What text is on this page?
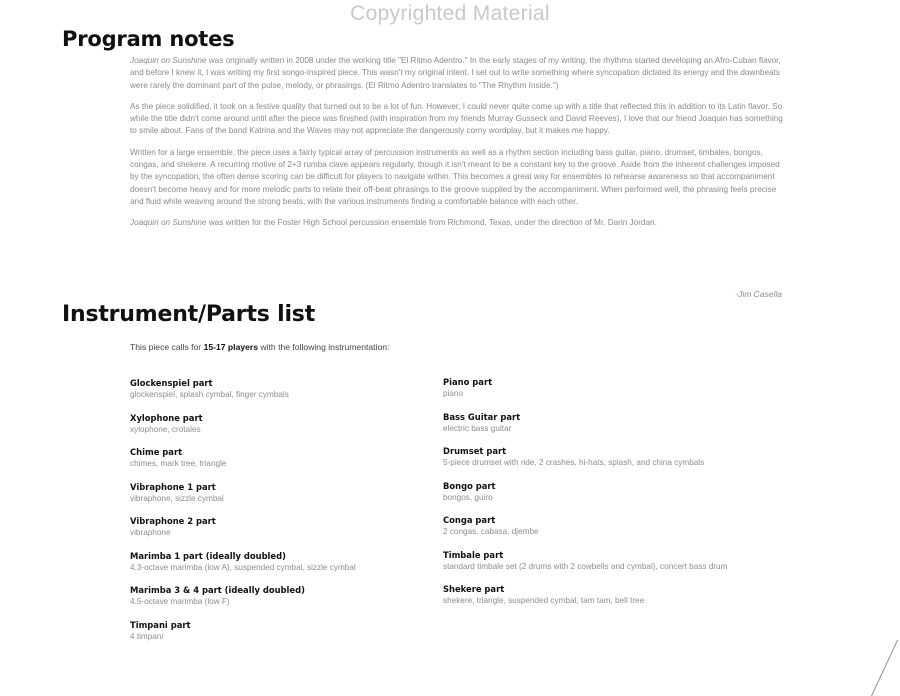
Copyrighted Material
Program notes

Joaquin on Sunshine was originally written in 2008 under the working title "El Ritmo Adentro." In the early stages of my writing, the rhythms started developing an Afro-Cuban flavor, and before I knew it, I was writing my first songo-inspired piece. This wasn't my original intent. I set out to write something where syncopation dictated its energy and the downbeats were rarely the dominant part of the pulse, melody, or phrasings. (El Ritmo Adentro translates to "The Rhythm Inside.")

As the piece solidified, it took on a festive quality that turned out to be a lot of fun. However, I could never quite come up with a title that reflected this in addition to its Latin flavor. So while the title didn't come around until after the piece was finished (with inspiration from my friends Murray Gusseck and David Reeves), I love that our friend Joaquin has something to smile about. Fans of the band Katrina and the Waves may not appreciate the dangerously corny wordplay, but it makes me happy.

Written for a large ensemble, the piece uses a fairly typical array of percussion instruments as well as a rhythm section including bass guitar, piano, drumset, timbales, bongos, congas, and shekere. A recurring motive of 2+3 rumba clave appears regularly, though it isn't meant to be a constant key to the groove. Aside from the inherent challenges imposed by the syncopation, the often dense scoring can be difficult for players to navigate within. This becomes a great way for ensembles to rehearse awareness so that accompaniment doesn't become heavy and for more melodic parts to relate their off-beat phrasings to the groove supplied by the accompaniment. When performed well, the phrasing feels precise and fluid while weaving around the strong beats, with the various instruments finding a comfortable balance with each other.

Joaquin on Sunshine was written for the Foster High School percussion ensemble from Richmond, Texas, under the direction of Mr. Darin Jordan.

-Jim Casella
Instrument/Parts list
This piece calls for 15-17 players with the following instrumentation:
Glockenspiel part
glockenspiel, splash cymbal, finger cymbals
Xylophone part
xylophone, crotales
Chime part
chimes, mark tree, triangle
Vibraphone 1 part
vibraphone, sizzle cymbal
Vibraphone 2 part
vibraphone
Marimba 1 part (ideally doubled)
4.3-octave marimba (low A), suspended cymbal, sizzle cymbal
Marimba 3 & 4 part (ideally doubled)
4.5-octave marimba (low F)
Timpani part
4 timpani
Piano part
piano
Bass Guitar part
electric bass guitar
Drumset part
5-piece drumset with ride, 2 crashes, hi-hats, splash, and china cymbals
Bongo part
bongos, guiro
Conga part
2 congas, cabasa, djembe
Timbale part
standard timbale set (2 drums with 2 cowbells and cymbal), concert bass drum
Shekere part
shekere, triangle, suspended cymbal, tam tam, bell tree
